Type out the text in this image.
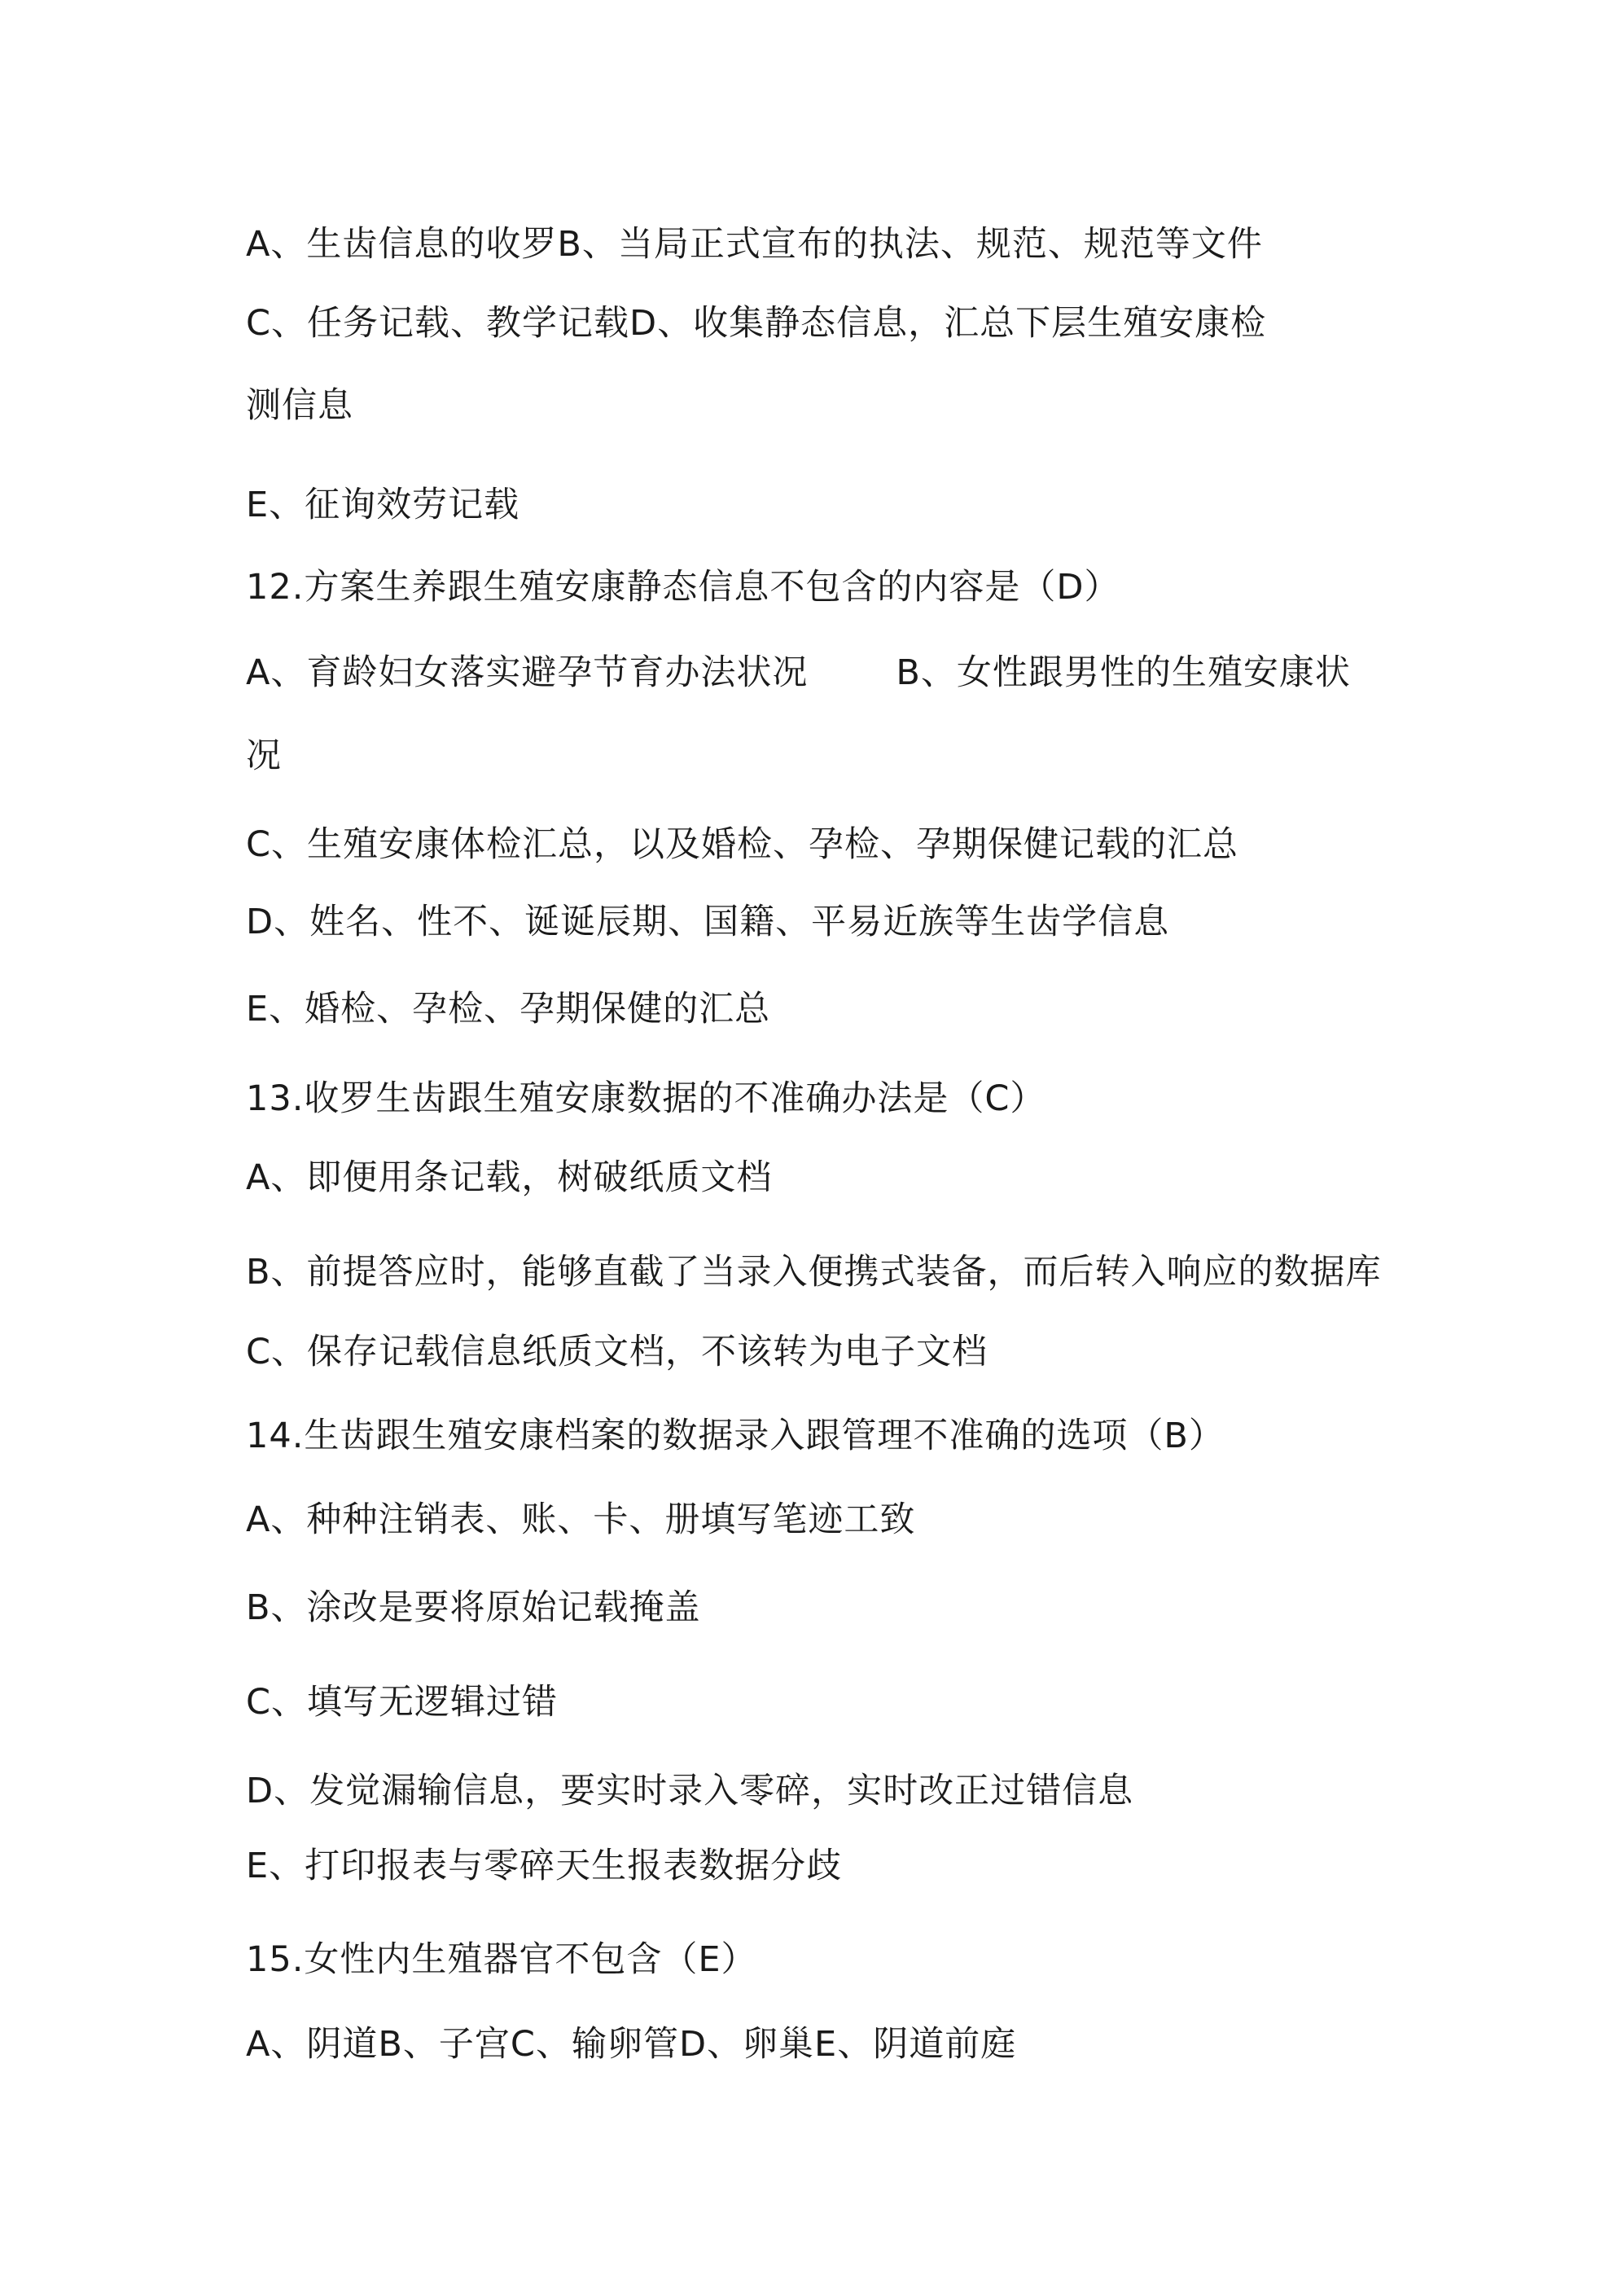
A、生齿信息的收罗B、当局正式宣布的执法、规范、规范等文件

C、任务记载、教学记载D、收集静态信息，汇总下层生殖安康检

测信息

E、征询效劳记载

12.方案生养跟生殖安康静态信息不包含的内容是（D）

A、育龄妇女落实避孕节育办法状况	B、女性跟男性的生殖安康状

况

C、生殖安康体检汇总，以及婚检、孕检、孕期保健记载的汇总

D、姓名、性不、诞诞辰期、国籍、平易近族等生齿学信息

E、婚检、孕检、孕期保健的汇总

13.收罗生齿跟生殖安康数据的不准确办法是（C）

A、即便用条记载，树破纸质文档

B、前提答应时，能够直截了当录入便携式装备，而后转入响应的数据库

C、保存记载信息纸质文档，不该转为电子文档

14.生齿跟生殖安康档案的数据录入跟管理不准确的选项（B）

A、种种注销表、账、卡、册填写笔迹工致

B、涂改是要将原始记载掩盖

C、填写无逻辑过错

D、发觉漏输信息，要实时录入零碎，实时改正过错信息

E、打印报表与零碎天生报表数据分歧

15.女性内生殖器官不包含（E）

A、阴道B、子宫C、输卵管D、卵巢E、阴道前庭
